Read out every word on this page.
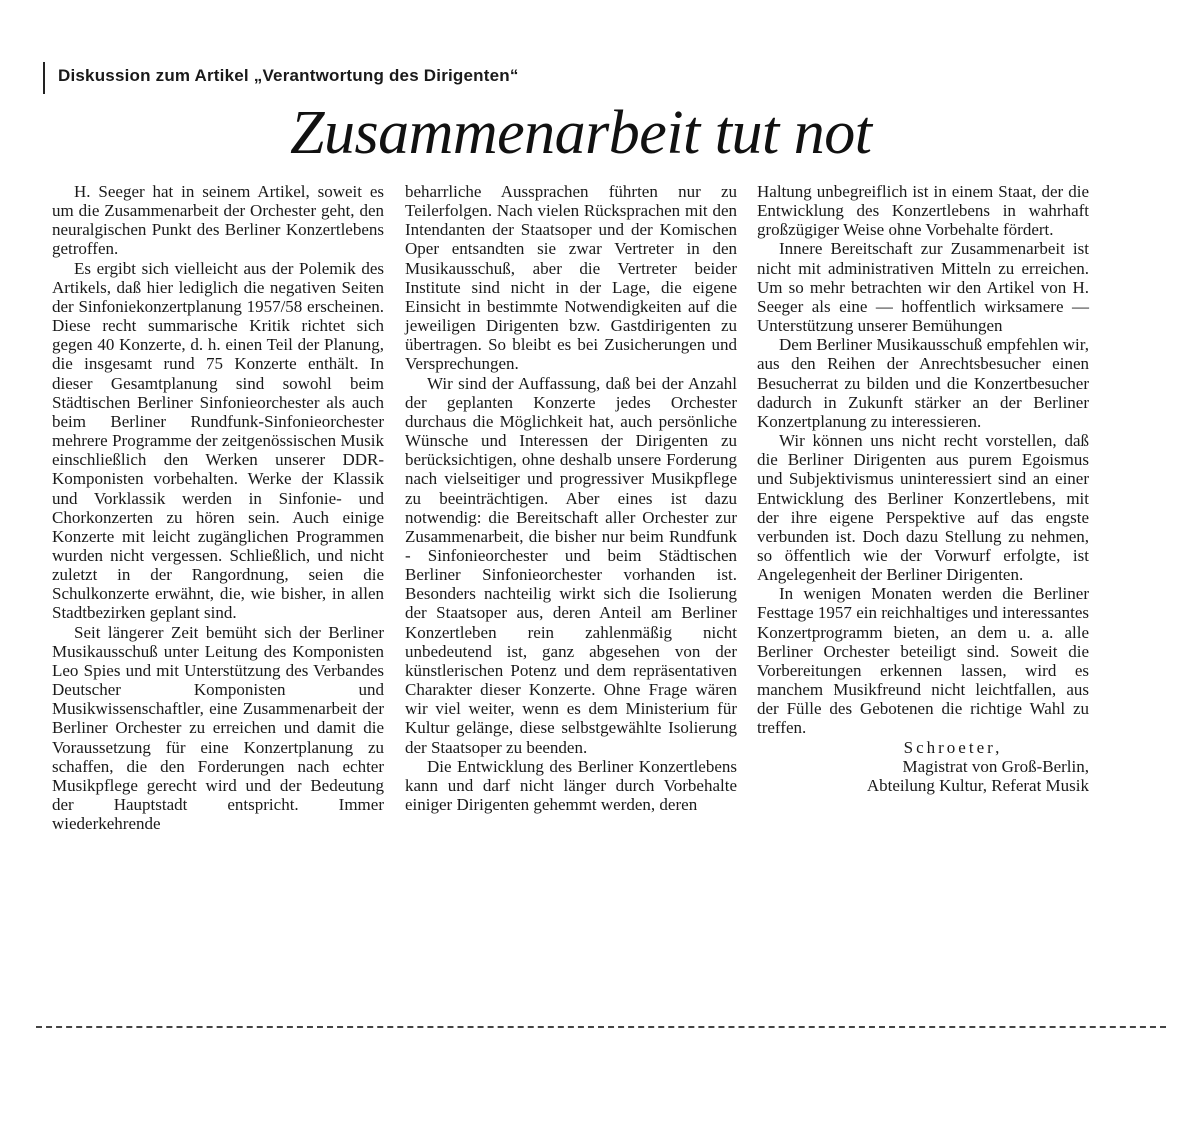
Diskussion zum Artikel „Verantwortung des Dirigenten“
Zusammenarbeit tut not

H. Seeger hat in seinem Artikel, soweit es um die Zusammenarbeit der Orchester geht, den neuralgischen Punkt des Berliner Konzertlebens getroffen.

Es ergibt sich vielleicht aus der Polemik des Artikels, daß hier lediglich die negativen Seiten der Sinfoniekonzertplanung 1957/58 erscheinen. Diese recht summarische Kritik richtet sich gegen 40 Konzerte, d. h. einen Teil der Planung, die insgesamt rund 75 Konzerte enthält. In dieser Gesamtplanung sind sowohl beim Städtischen Berliner Sinfonieorchester als auch beim Berliner Rundfunk-Sinfonieorchester mehrere Programme der zeitgenössischen Musik einschließlich den Werken unserer DDR-Komponisten vorbehalten. Werke der Klassik und Vorklassik werden in Sinfonie- und Chorkonzerten zu hören sein. Auch einige Konzerte mit leicht zugänglichen Programmen wurden nicht vergessen. Schließlich, und nicht zuletzt in der Rangordnung, seien die Schulkonzerte erwähnt, die, wie bisher, in allen Stadtbezirken geplant sind.

Seit längerer Zeit bemüht sich der Berliner Musikausschuß unter Leitung des Komponisten Leo Spies und mit Unterstützung des Verbandes Deutscher Komponisten und Musikwissenschaftler, eine Zusammenarbeit der Berliner Orchester zu erreichen und damit die Voraussetzung für eine Konzertplanung zu schaffen, die den Forderungen nach echter Musikpflege gerecht wird und der Bedeutung der Hauptstadt entspricht. Immer wiederkehrende

beharrliche Aussprachen führten nur zu Teilerfolgen. Nach vielen Rücksprachen mit den Intendanten der Staatsoper und der Komischen Oper entsandten sie zwar Vertreter in den Musikausschuß, aber die Vertreter beider Institute sind nicht in der Lage, die eigene Einsicht in bestimmte Notwendigkeiten auf die jeweiligen Dirigenten bzw. Gastdirigenten zu übertragen. So bleibt es bei Zusicherungen und Versprechungen.

Wir sind der Auffassung, daß bei der Anzahl der geplanten Konzerte jedes Orchester durchaus die Möglichkeit hat, auch persönliche Wünsche und Interessen der Dirigenten zu berücksichtigen, ohne deshalb unsere Forderung nach vielseitiger und progressiver Musikpflege zu beeinträchtigen. Aber eines ist dazu notwendig: die Bereitschaft aller Orchester zur Zusammenarbeit, die bisher nur beim Rundfunk - Sinfonieorchester und beim Städtischen Berliner Sinfonieorchester vorhanden ist. Besonders nachteilig wirkt sich die Isolierung der Staatsoper aus, deren Anteil am Berliner Konzertleben rein zahlenmäßig nicht unbedeutend ist, ganz abgesehen von der künstlerischen Potenz und dem repräsentativen Charakter dieser Konzerte. Ohne Frage wären wir viel weiter, wenn es dem Ministerium für Kultur gelänge, diese selbstgewählte Isolierung der Staatsoper zu beenden.

Die Entwicklung des Berliner Konzertlebens kann und darf nicht länger durch Vorbehalte einiger Dirigenten gehemmt werden, deren

Haltung unbegreiflich ist in einem Staat, der die Entwicklung des Konzertlebens in wahrhaft großzügiger Weise ohne Vorbehalte fördert.

Innere Bereitschaft zur Zusammenarbeit ist nicht mit administrativen Mitteln zu erreichen. Um so mehr betrachten wir den Artikel von H. Seeger als eine — hoffentlich wirksamere — Unterstützung unserer Bemühungen

Dem Berliner Musikausschuß empfehlen wir, aus den Reihen der Anrechtsbesucher einen Besucherrat zu bilden und die Konzertbesucher dadurch in Zukunft stärker an der Berliner Konzertplanung zu interessieren.

Wir können uns nicht recht vorstellen, daß die Berliner Dirigenten aus purem Egoismus und Subjektivismus uninteressiert sind an einer Entwicklung des Berliner Konzertlebens, mit der ihre eigene Perspektive auf das engste verbunden ist. Doch dazu Stellung zu nehmen, so öffentlich wie der Vorwurf erfolgte, ist Angelegenheit der Berliner Dirigenten.

In wenigen Monaten werden die Berliner Festtage 1957 ein reichhaltiges und interessantes Konzertprogramm bieten, an dem u. a. alle Berliner Orchester beteiligt sind. Soweit die Vorbereitungen erkennen lassen, wird es manchem Musikfreund nicht leichtfallen, aus der Fülle des Gebotenen die richtige Wahl zu treffen.

Schroeter,

Magistrat von Groß-Berlin,

Abteilung Kultur, Referat Musik
